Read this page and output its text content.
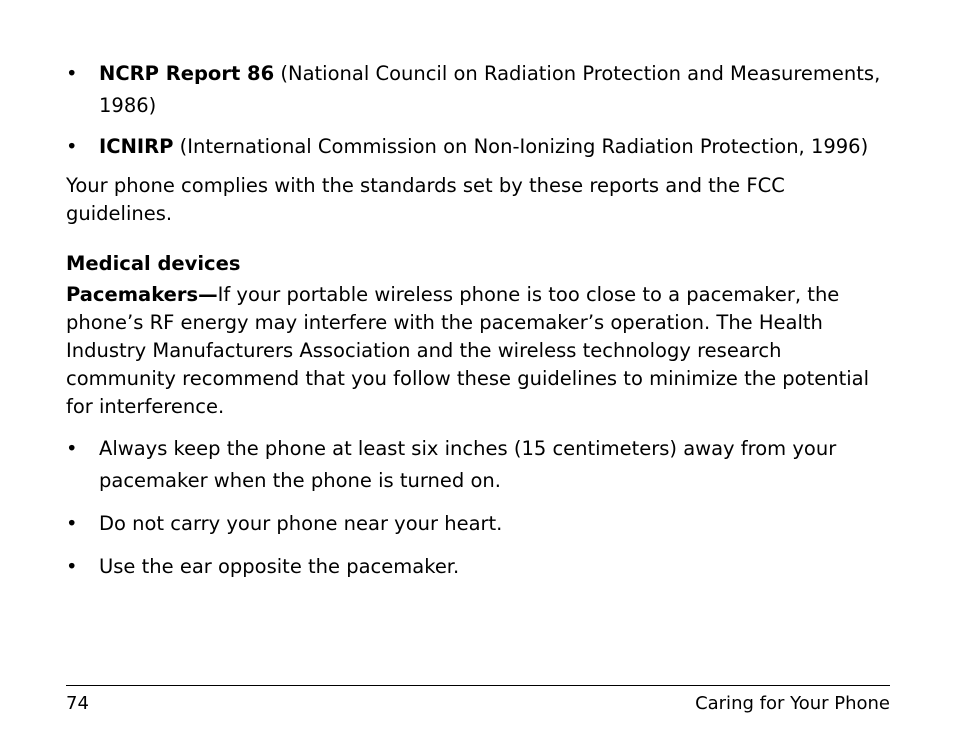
• NCRP Report 86 (National Council on Radiation Protection and Measurements, 1986)
• ICNIRP (International Commission on Non-Ionizing Radiation Protection, 1996)

Your phone complies with the standards set by these reports and the FCC guidelines.

Medical devices

Pacemakers—If your portable wireless phone is too close to a pacemaker, the phone’s RF energy may interfere with the pacemaker’s operation. The Health Industry Manufacturers Association and the wireless technology research community recommend that you follow these guidelines to minimize the potential for interference.

• Always keep the phone at least six inches (15 centimeters) away from your pacemaker when the phone is turned on.
• Do not carry your phone near your heart.
• Use the ear opposite the pacemaker.
74	Caring for Your Phone
